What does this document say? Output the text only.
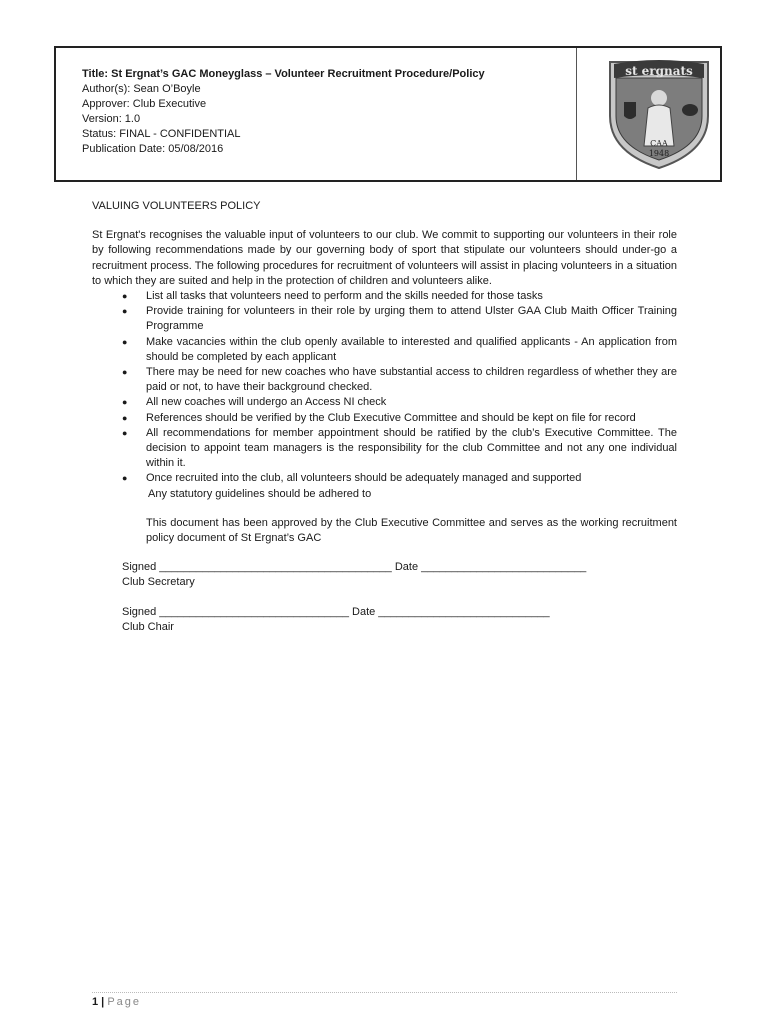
Title: St Ergnat’s GAC Moneyglass – Volunteer Recruitment Procedure/Policy
Author(s): Sean O’Boyle
Approver: Club Executive
Version: 1.0
Status: FINAL - CONFIDENTIAL
Publication Date: 05/08/2016
st ergnats
CAA
1948

VALUING VOLUNTEERS POLICY

St Ergnat's recognises the valuable input of volunteers to our club. We commit to supporting our volunteers in their role by following recommendations made by our governing body of sport that stipulate our volunteers should under-go a recruitment process. The following procedures for recruitment of volunteers will assist in placing volunteers in a situation to which they are suited and help in the protection of children and volunteers alike.

● List all tasks that volunteers need to perform and the skills needed for those tasks
● Provide training for volunteers in their role by urging them to attend Ulster GAA Club Maith Officer Training Programme
● Make vacancies within the club openly available to interested and qualified applicants - An application from should be completed by each applicant
● There may be need for new coaches who have substantial access to children regardless of whether they are paid or not, to have their background checked.
● All new coaches will undergo an Access NI check
● References should be verified by the Club Executive Committee and should be kept on file for record
● All recommendations for member appointment should be ratified by the club’s Executive Committee. The decision to appoint team managers is the responsibility for the club Committee and not any one individual within it.
● Once recruited into the club, all volunteers should be adequately managed and supported

Any statutory guidelines should be adhered to

This document has been approved by the Club Executive Committee and serves as the working recruitment policy document of St Ergnat’s GAC

Signed ______________________________________ Date ___________________________

Club Secretary

Signed _______________________________ Date ____________________________

Club Chair

1 | Page
